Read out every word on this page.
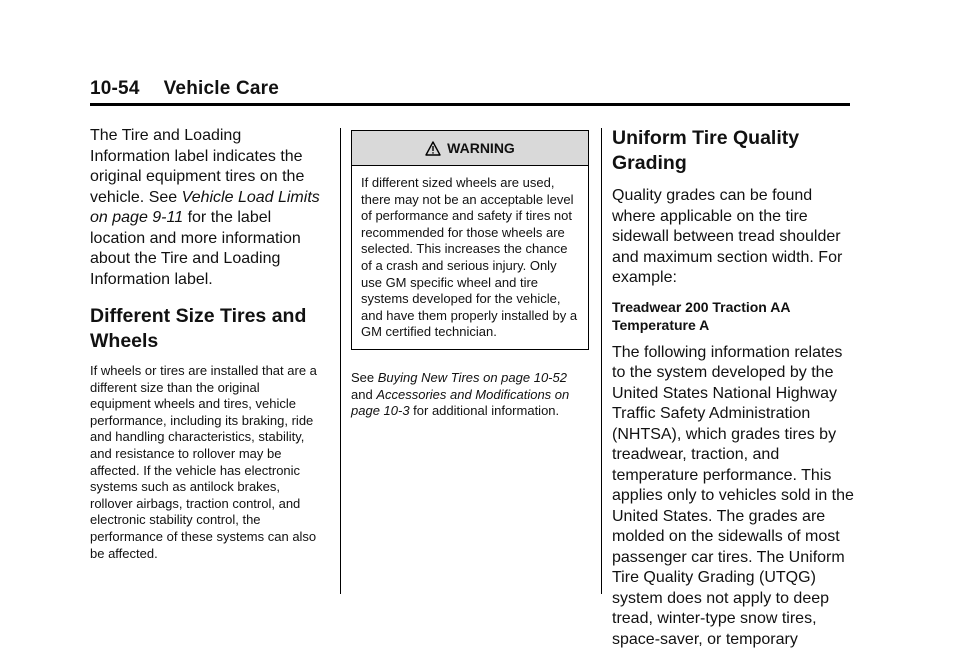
10-54 Vehicle Care

The Tire and Loading Information label indicates the original equipment tires on the vehicle. See Vehicle Load Limits on page 9-11 for the label location and more information about the Tire and Loading Information label.

Different Size Tires and Wheels

If wheels or tires are installed that are a different size than the original equipment wheels and tires, vehicle performance, including its braking, ride and handling characteristics, stability, and resistance to rollover may be affected. If the vehicle has electronic systems such as antilock brakes, rollover airbags, traction control, and electronic stability control, the performance of these systems can also be affected.

WARNING
If different sized wheels are used, there may not be an acceptable level of performance and safety if tires not recommended for those wheels are selected. This increases the chance of a crash and serious injury. Only use GM specific wheel and tire systems developed for the vehicle, and have them properly installed by a GM certified technician.

See Buying New Tires on page 10-52 and Accessories and Modifications on page 10-3 for additional information.

Uniform Tire Quality Grading

Quality grades can be found where applicable on the tire sidewall between tread shoulder and maximum section width. For example:

Treadwear 200 Traction AA Temperature A

The following information relates to the system developed by the United States National Highway Traffic Safety Administration (NHTSA), which grades tires by treadwear, traction, and temperature performance. This applies only to vehicles sold in the United States. The grades are molded on the sidewalls of most passenger car tires. The Uniform Tire Quality Grading (UTQG) system does not apply to deep tread, winter-type snow tires, space-saver, or temporary
